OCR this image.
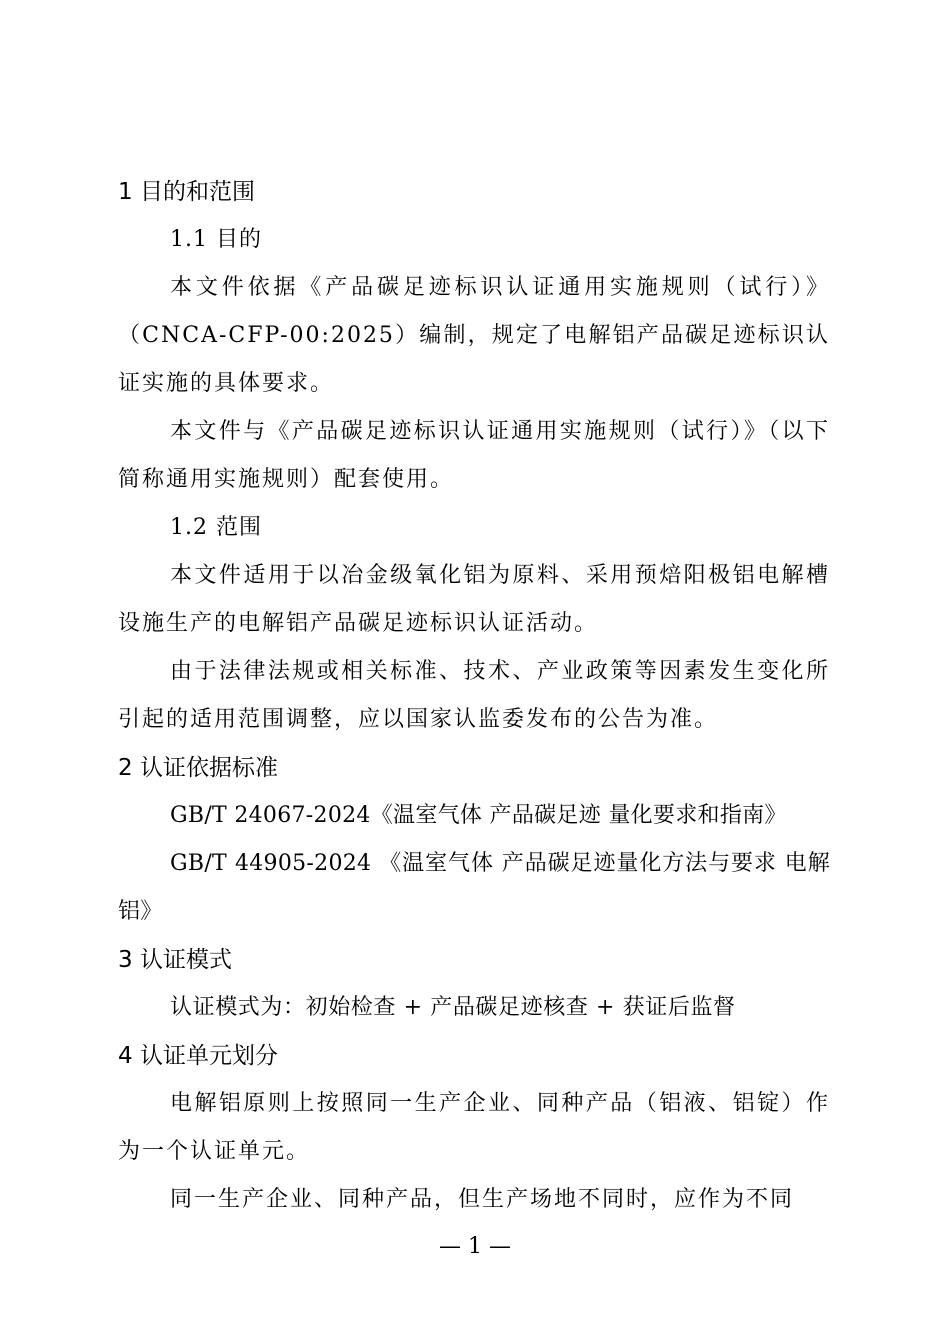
1 目的和范围
1.1 目的

本文件依据《产品碳足迹标识认证通用实施规则（试行）》（CNCA-CFP-00:2025）编制，规定了电解铝产品碳足迹标识认证实施的具体要求。

本文件与《产品碳足迹标识认证通用实施规则（试行）》（以下简称通用实施规则）配套使用。

1.2 范围

本文件适用于以冶金级氧化铝为原料、采用预焙阳极铝电解槽设施生产的电解铝产品碳足迹标识认证活动。

由于法律法规或相关标准、技术、产业政策等因素发生变化所引起的适用范围调整，应以国家认监委发布的公告为准。

2 认证依据标准

GB/T 24067-2024《温室气体 产品碳足迹 量化要求和指南》

GB/T 44905-2024 《温室气体 产品碳足迹量化方法与要求 电解铝》

3 认证模式

认证模式为：初始检查 + 产品碳足迹核查 + 获证后监督

4 认证单元划分

电解铝原则上按照同一生产企业、同种产品（铝液、铝锭）作为一个认证单元。

同一生产企业、同种产品，但生产场地不同时，应作为不同

— 1 —
